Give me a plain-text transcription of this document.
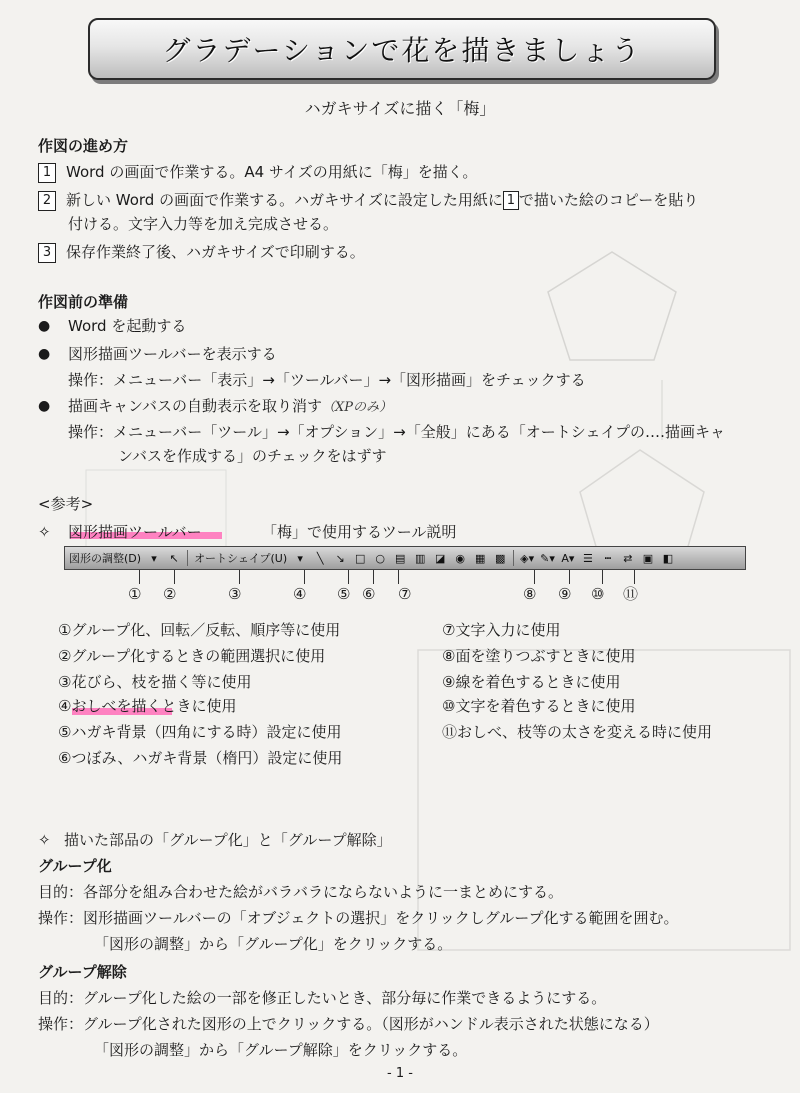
グラデーションで花を描きましょう
ハガキサイズに描く「梅」
作図の進め方
1 Word の画面で作業する。A4 サイズの用紙に「梅」を描く。
2 新しい Word の画面で作業する。ハガキサイズに設定した用紙に 1 で描いた絵のコピーを貼り
付ける。文字入力等を加え完成させる。
3 保存作業終了後、ハガキサイズで印刷する。
作図前の準備
● Word を起動する
● 図形描画ツールバーを表示する
操作：メニューバー「表示」→「ツールバー」→「図形描画」をチェックする
● 描画キャンバスの自動表示を取り消す（XPのみ）
操作：メニューバー「ツール」→「オプション」→「全般」にある「オートシェイプの‥‥描画キャ
ンバスを作成する」のチェックをはずす
<参考>
✧ 図形描画ツールバー	「梅」で使用するツール説明
図形の調整(D) ▾	↖ オートシェイプ(U) ▾	╲	↘ □ ○ ▤ ▥ ◪ ◉ ▦ ▩ ◈▾ ✎▾ A▾ ☰	┅	⇄ ▣ ◧
① ②	③	④ ⑤ ⑥ ⑦	⑧ ⑨ ⑩ ⑪
①グループ化、回転／反転、順序等に使用
②グループ化するときの範囲選択に使用
③花びら、枝を描く等に使用
④おしべを描くときに使用
⑤ハガキ背景（四角にする時）設定に使用
⑥つぼみ、ハガキ背景（楕円）設定に使用
⑦文字入力に使用
⑧面を塗りつぶすときに使用
⑨線を着色するときに使用
⑩文字を着色するときに使用
⑪おしべ、枝等の太さを変える時に使用
✧ 描いた部品の「グループ化」と「グループ解除」
グループ化
目的：各部分を組み合わせた絵がバラバラにならないように一まとめにする。
操作：図形描画ツールバーの「オブジェクトの選択」をクリックしグループ化する範囲を囲む。
「図形の調整」から「グループ化」をクリックする。
グループ解除
目的：グループ化した絵の一部を修正したいとき、部分毎に作業できるようにする。
操作：グループ化された図形の上でクリックする。（図形がハンドル表示された状態になる）
「図形の調整」から「グループ解除」をクリックする。
- 1 -
